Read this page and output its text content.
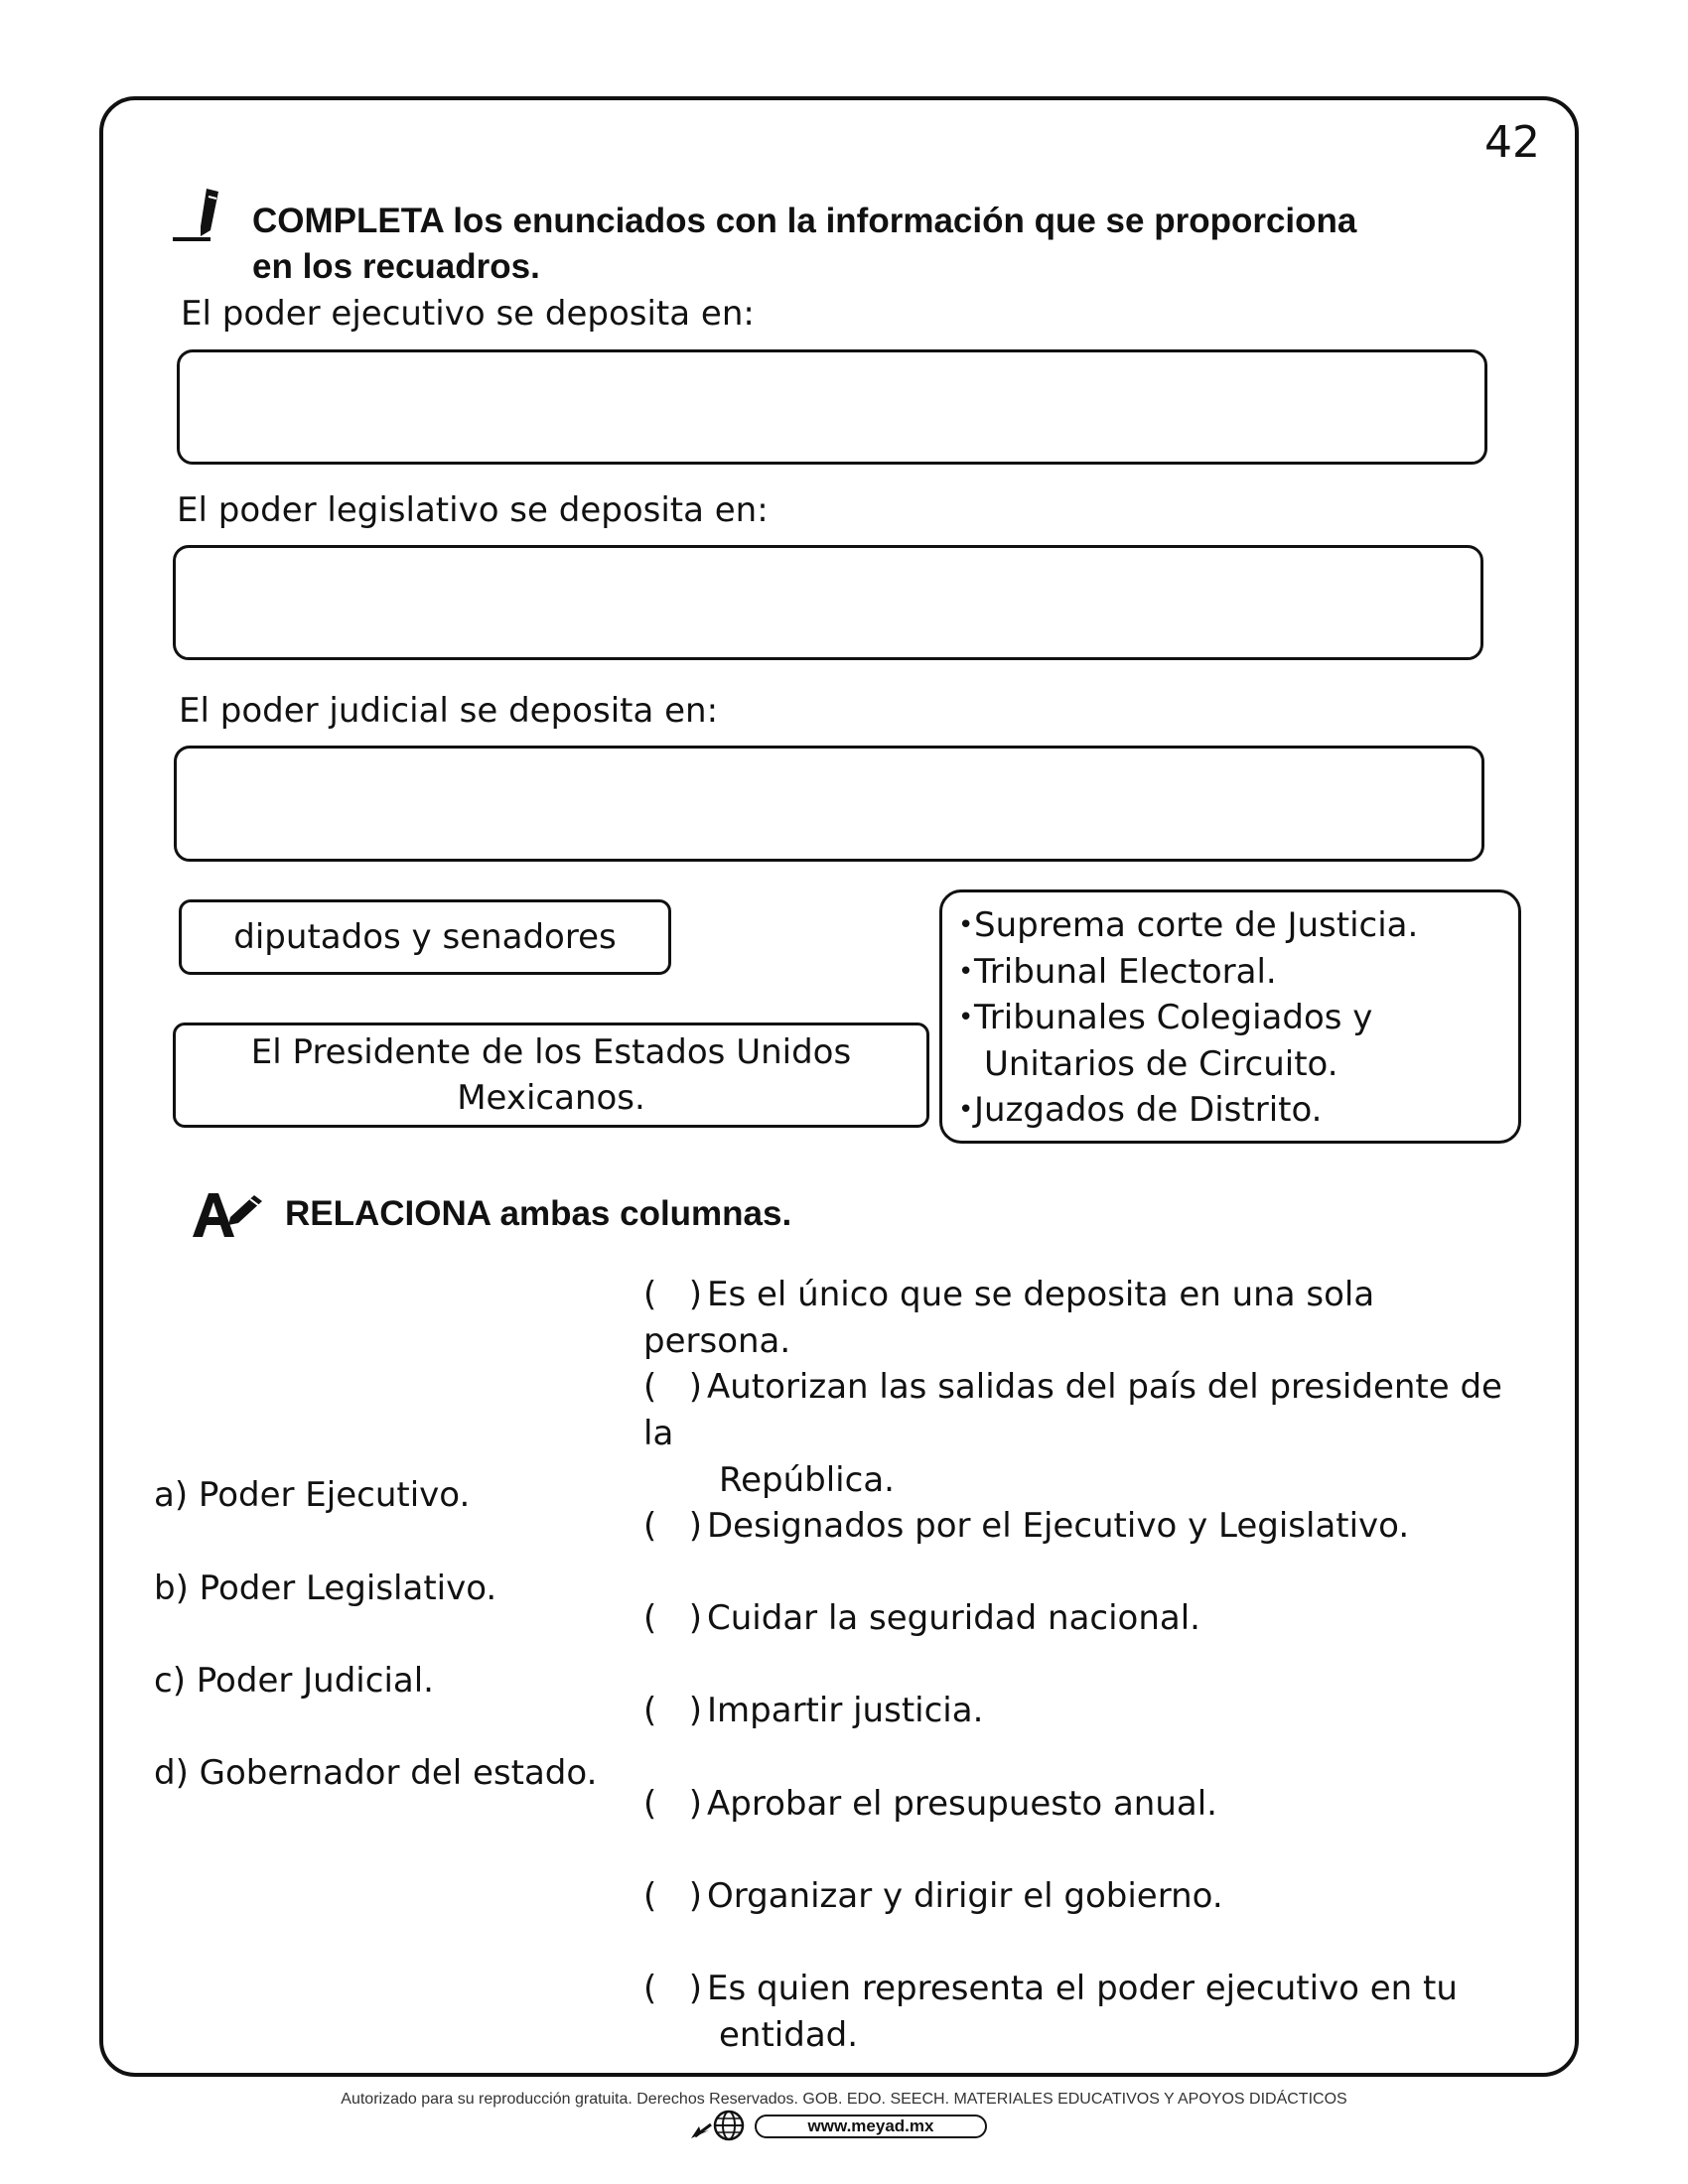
42
COMPLETA los enunciados con la información que se proporciona
en los recuadros.
El poder ejecutivo se deposita en:
El poder legislativo se deposita en:
El poder judicial se deposita en:
diputados y senadores
El Presidente de los Estados Unidos
Mexicanos.
• Suprema corte de Justicia.
• Tribunal Electoral.
• Tribunales Colegiados y
Unitarios de Circuito.
• Juzgados de Distrito.
RELACIONA ambas columnas.
a) Poder Ejecutivo.
b) Poder Legislativo.
c) Poder Judicial.
d) Gobernador del estado.
( ) Es el único que se deposita en una sola persona.
( ) Autorizan las salidas del país del presidente de la
República.
( ) Designados por el Ejecutivo y Legislativo.
( ) Cuidar la seguridad nacional.
( ) Impartir justicia.
( ) Aprobar el presupuesto anual.
( ) Organizar y dirigir el gobierno.
( ) Es quien representa el poder ejecutivo en tu
entidad.
Autorizado para su reproducción gratuita. Derechos Reservados. GOB. EDO. SEECH. MATERIALES EDUCATIVOS Y APOYOS DIDÁCTICOS
www.meyad.mx
